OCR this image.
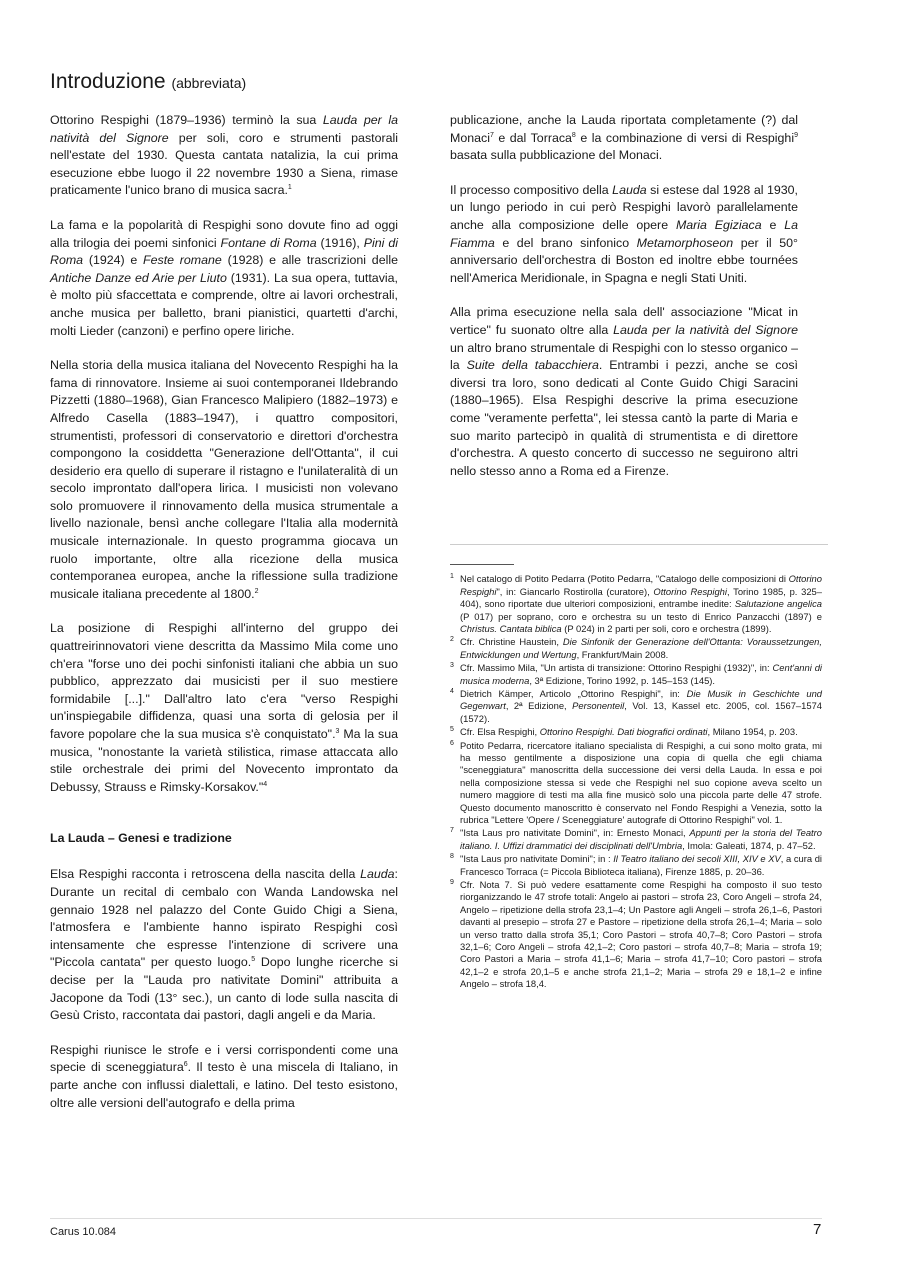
Introduzione (abbreviata)

Ottorino Respighi (1879–1936) terminò la sua Lauda per la natività del Signore per soli, coro e strumenti pastorali nell'estate del 1930. Questa cantata natalizia, la cui prima esecuzione ebbe luogo il 22 novembre 1930 a Siena, rimase praticamente l'unico brano di musica sacra.$^1$

La fama e la popolarità di Respighi sono dovute fino ad oggi alla trilogia dei poemi sinfonici Fontane di Roma (1916), Pini di Roma (1924) e Feste romane (1928) e alle trascrizioni delle Antiche Danze ed Arie per Liuto (1931). La sua opera, tuttavia, è molto più sfaccettata e comprende, oltre ai lavori orchestrali, anche musica per balletto, brani pianistici, quartetti d'archi, molti Lieder (canzoni) e perfino opere liriche.

Nella storia della musica italiana del Novecento Respighi ha la fama di rinnovatore. Insieme ai suoi contemporanei Ildebrando Pizzetti (1880–1968), Gian Francesco Malipiero (1882–1973) e Alfredo Casella (1883–1947), i quattro compositori, strumentisti, professori di conservatorio e direttori d'orchestra compongono la cosiddetta "Generazione dell'Ottanta", il cui desiderio era quello di superare il ristagno e l'unilateralità di un secolo improntato dall'opera lirica. I musicisti non volevano solo promuovere il rinnovamento della musica strumentale a livello nazionale, bensì anche collegare l'Italia alla modernità musicale internazionale. In questo programma giocava un ruolo importante, oltre alla ricezione della musica contemporanea europea, anche la riflessione sulla tradizione musicale italiana precedente al 1800.$^2$

La posizione di Respighi all'interno del gruppo dei quattreirinnovatori viene descritta da Massimo Mila come uno ch'era "forse uno dei pochi sinfonisti italiani che abbia un suo pubblico, apprezzato dai musicisti per il suo mestiere formidabile [...]." Dall'altro lato c'era "verso Respighi un'inspiegabile diffidenza, quasi una sorta di gelosia per il favore popolare che la sua musica s'è conquistato".$^3$ Ma la sua musica, "nonostante la varietà stilistica, rimase attaccata allo stile orchestrale dei primi del Novecento improntato da Debussy, Strauss e Rimsky-Korsakov."$^4$

La Lauda – Genesi e tradizione

Elsa Respighi racconta i retroscena della nascita della Lauda: Durante un recital di cembalo con Wanda Landowska nel gennaio 1928 nel palazzo del Conte Guido Chigi a Siena, l'atmosfera e l'ambiente hanno ispirato Respighi così intensamente che espresse l'intenzione di scrivere una "Piccola cantata" per questo luogo.$^5$ Dopo lunghe ricerche si decise per la "Lauda pro nativitate Domini" attribuita a Jacopone da Todi (13° sec.), un canto di lode sulla nascita di Gesù Cristo, raccontata dai pastori, dagli angeli e da Maria.

Respighi riunisce le strofe e i versi corrispondenti come una specie di sceneggiatura$^6$. Il testo è una miscela di Italiano, in parte anche con influssi dialettali, e latino. Del testo esistono, oltre alle versioni dell'autografo e della prima

publicazione, anche la Lauda riportata completamente (?) dal Monaci$^7$ e dal Torraca$^8$ e la combinazione di versi di Respighi$^9$ basata sulla pubblicazione del Monaci.

Il processo compositivo della Lauda si estese dal 1928 al 1930, un lungo periodo in cui però Respighi lavorò parallelamente anche alla composizione delle opere Maria Egiziaca e La Fiamma e del brano sinfonico Metamorphoseon per il 50° anniversario dell'orchestra di Boston ed inoltre ebbe tournées nell'America Meridionale, in Spagna e negli Stati Uniti.

Alla prima esecuzione nella sala dell' associazione "Micat in vertice" fu suonato oltre alla Lauda per la natività del Signore un altro brano strumentale di Respighi con lo stesso organico – la Suite della tabacchiera. Entrambi i pezzi, anche se così diversi tra loro, sono dedicati al Conte Guido Chigi Saracini (1880–1965). Elsa Respighi descrive la prima esecuzione come "veramente perfetta", lei stessa cantò la parte di Maria e suo marito partecipò in qualità di strumentista e di direttore d'orchestra. A questo concerto di successo ne seguirono altri nello stesso anno a Roma ed a Firenze.

1 Nel catalogo di Potito Pedarra (Potito Pedarra, "Catalogo delle composizioni di Ottorino Respighi", in: Giancarlo Rostirolla (curatore), Ottorino Respighi, Torino 1985, p. 325–404), sono riportate due ulteriori composizioni, entrambe inedite: Salutazione angelica (P 017) per soprano, coro e orchestra su un testo di Enrico Panzacchi (1897) e Christus. Cantata biblica (P 024) in 2 parti per soli, coro e orchestra (1899).
2 Cfr. Christine Haustein, Die Sinfonik der Generazione dell'Ottanta: Voraussetzungen, Entwicklungen und Wertung, Frankfurt/Main 2008.
3 Cfr. Massimo Mila, "Un artista di transizione: Ottorino Respighi (1932)", in: Cent'anni di musica moderna, 3ª Edizione, Torino 1992, p. 145–153 (145).
4 Dietrich Kämper, Articolo „Ottorino Respighi", in: Die Musik in Geschichte und Gegenwart, 2ª Edizione, Personenteil, Vol. 13, Kassel etc. 2005, col. 1567–1574 (1572).
5 Cfr. Elsa Respighi, Ottorino Respighi. Dati biografici ordinati, Milano 1954, p. 203.
6 Potito Pedarra, ricercatore italiano specialista di Respighi, a cui sono molto grata, mi ha messo gentilmente a disposizione una copia di quella che egli chiama "sceneggiatura" manoscritta della successione dei versi della Lauda. In essa e poi nella composizione stessa si vede che Respighi nel suo copione aveva scelto un numero maggiore di testi ma alla fine musicò solo una piccola parte delle 47 strofe. Questo documento manoscritto è conservato nel Fondo Respighi a Venezia, sotto la rubrica "Lettere 'Opere / Sceneggiature' autografe di Ottorino Respighi" vol. 1.
7 "Ista Laus pro nativitate Domini", in: Ernesto Monaci, Appunti per la storia del Teatro italiano. I. Uffizi drammatici dei disciplinati dell'Umbria, Imola: Galeati, 1874, p. 47–52.
8 "Ista Laus pro nativitate Domini"; in : Il Teatro italiano dei secoli XIII, XIV e XV, a cura di Francesco Torraca (= Piccola Biblioteca italiana), Firenze 1885, p. 20–36.
9 Cfr. Nota 7. Si può vedere esattamente come Respighi ha composto il suo testo riorganizzando le 47 strofe totali: Angelo ai pastori – strofa 23, Coro Angeli – strofa 24, Angelo – ripetizione della strofa 23,1–4; Un Pastore agli Angeli – strofa 26,1–6, Pastori davanti al presepio – strofa 27 e Pastore – ripetizione della strofa 26,1–4; Maria – solo un verso tratto dalla strofa 35,1; Coro Pastori – strofa 40,7–8; Coro Pastori – strofa 32,1–6; Coro Angeli – strofa 42,1–2; Coro pastori – strofa 40,7–8; Maria – strofa 19; Coro Pastori a Maria – strofa 41,1–6; Maria – strofa 41,7–10; Coro pastori – strofa 42,1–2 e strofa 20,1–5 e anche strofa 21,1–2; Maria – strofa 29 e 18,1–2 e infine Angelo – strofa 18,4.
Carus 10.084	7
